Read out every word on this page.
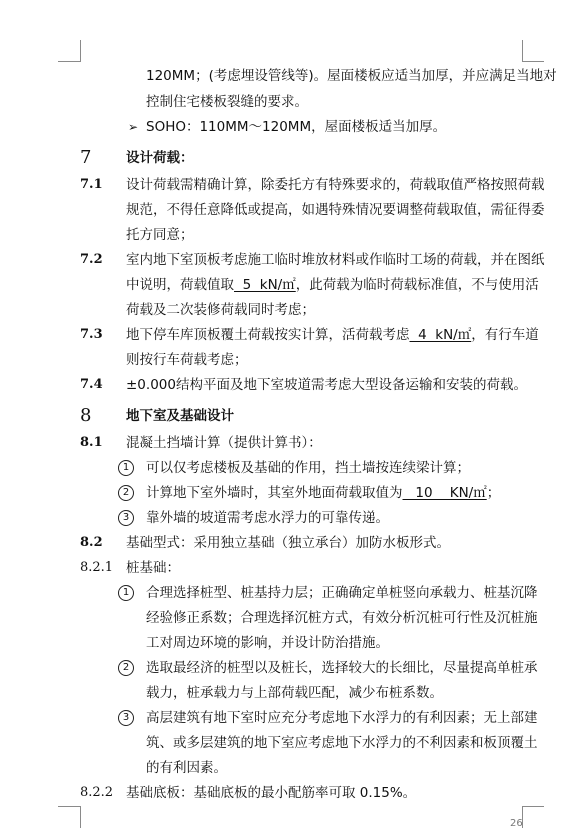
120MM；(考虑埋设管线等)。屋面楼板应适当加厚，并应满足当地对
控制住宅楼板裂缝的要求。
➢ SOHO：110MM～120MM，屋面楼板适当加厚。
7	设计荷载：
7.1 设计荷载需精确计算，除委托方有特殊要求的，荷载取值严格按照荷载
规范，不得任意降低或提高，如遇特殊情况要调整荷载取值，需征得委
托方同意；
7.2 室内地下室顶板考虑施工临时堆放材料或作临时工场的荷载，并在图纸
中说明，荷载值取  5  kN/㎡，此荷载为临时荷载标准值，不与使用活
荷载及二次装修荷载同时考虑；
7.3 地下停车库顶板覆土荷载按实计算，活荷载考虑  4  kN/㎡，有行车道
则按行车荷载考虑；
7.4 ±0.000结构平面及地下室坡道需考虑大型设备运输和安装的荷载。
8	地下室及基础设计
8.1 混凝土挡墙计算（提供计算书）：
1	可以仅考虑楼板及基础的作用，挡土墙按连续梁计算；
2	计算地下室外墙时，其室外地面荷载取值为   10    KN/㎡；
3	靠外墙的坡道需考虑水浮力的可靠传递。
8.2 基础型式：采用独立基础（独立承台）加防水板形式。
8.2.1 桩基础：
1	合理选择桩型、桩基持力层；正确确定单桩竖向承载力、桩基沉降
经验修正系数；合理选择沉桩方式，有效分析沉桩可行性及沉桩施
工对周边环境的影响，并设计防治措施。
2	选取最经济的桩型以及桩长，选择较大的长细比，尽量提高单桩承
载力，桩承载力与上部荷载匹配，减少布桩系数。
3	高层建筑有地下室时应充分考虑地下水浮力的有利因素；无上部建
筑、或多层建筑的地下室应考虑地下水浮力的不利因素和板顶覆土
的有利因素。
8.2.2 基础底板：基础底板的最小配筋率可取 0.15%。
26
